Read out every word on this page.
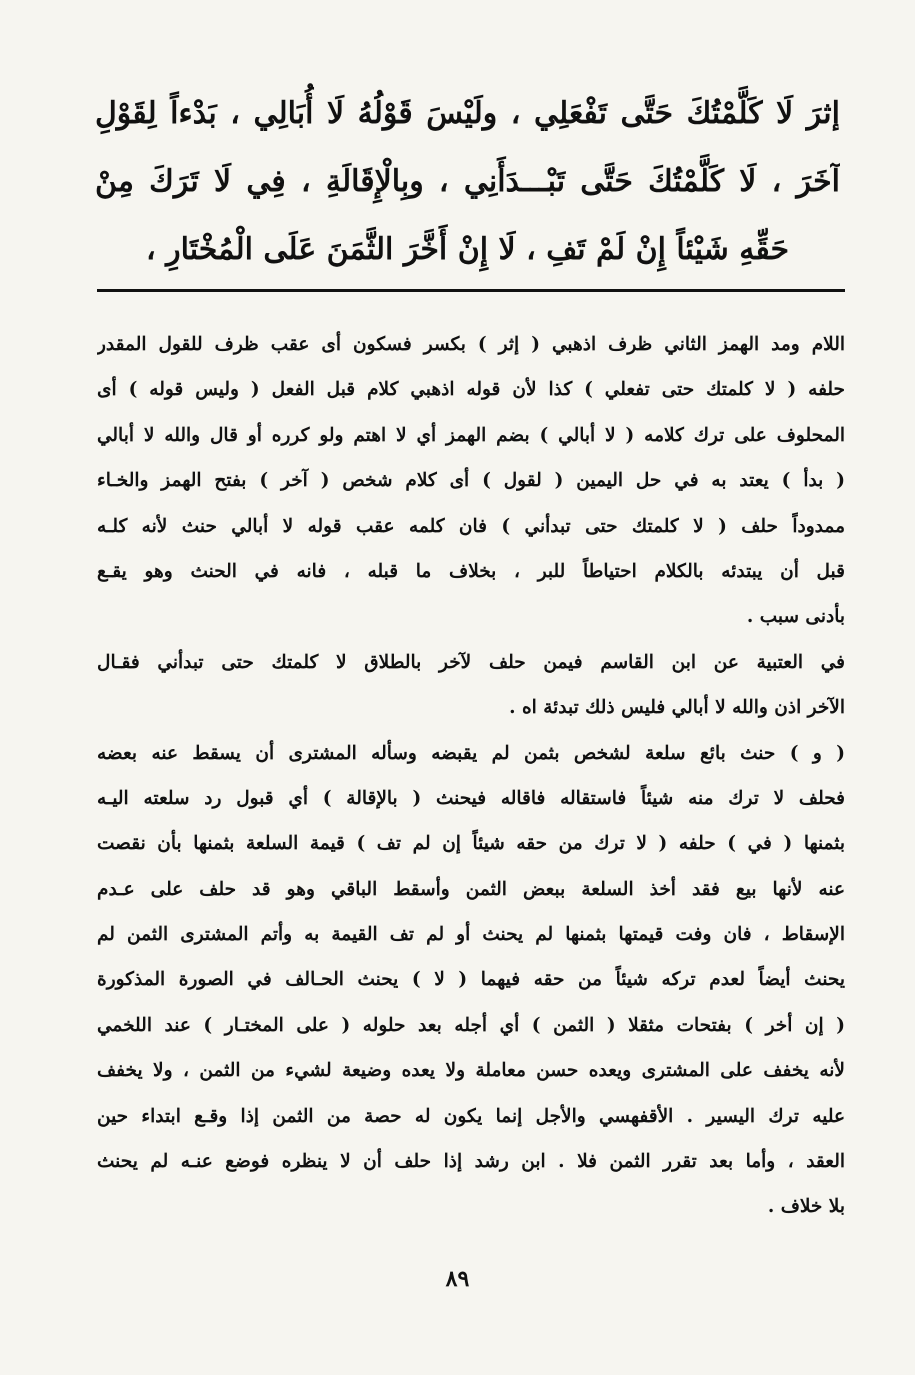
إثرَ لَا كَلَّمْتُكَ حَتَّى تَفْعَلِي ، ولَيْسَ قَوْلُهُ لَا أُبَالِي ، بَدْءاً لِقَوْلِ
آخَرَ ، لَا كَلَّمْتُكَ حَتَّى تَبْـــدَأَنِي ، وبِالْإِقَالَةِ ، فِي لَا تَرَكَ مِنْ
حَقِّهِ شَيْئاً إِنْ لَمْ تَفِ ، لَا إِنْ أَخَّرَ الثَّمَنَ عَلَى الْمُخْتَارِ ،
اللام ومد الهمز الثاني ظرف اذهبي ( إثر ) بكسر فسكون أى عقب ظرف للقول المقدر
حلفه ( لا كلمتك حتى تفعلي ) كذا لأن قوله اذهبي كلام قبل الفعل ( وليس قوله ) أى
المحلوف على ترك كلامه ( لا أبالي ) بضم الهمز أي لا اهتم ولو كرره أو قال والله لا أبالي
( بدأ ) يعتد به في حل اليمين ( لقول ) أى كلام شخص ( آخر ) بفتح الهمز والخـاء
ممدوداً حلف ( لا كلمتك حتى تبدأني ) فان كلمه عقب قوله لا أبالي حنث لأنه كلـه
قبل أن يبتدئه بالكلام احتياطاً للبر ، بخلاف ما قبله ، فانه في الحنث وهو يقـع
بأدنى سبب .
في العتبية عن ابن القاسم فيمن حلف لآخر بالطلاق لا كلمتك حتى تبدأني فقـال
الآخر اذن والله لا أبالي فليس ذلك تبدئة اه .
( و ) حنث بائع سلعة لشخص بثمن لم يقبضه وسأله المشترى أن يسقط عنه بعضه
فحلف لا ترك منه شيئاً فاستقاله فاقاله فيحنث ( بالإقالة ) أي قبول رد سلعته اليـه
بثمنها ( في ) حلفه ( لا ترك من حقه شيئاً إن لم تف ) قيمة السلعة بثمنها بأن نقصت
عنه لأنها بيع فقد أخذ السلعة ببعض الثمن وأسقط الباقي وهو قد حلف على عـدم
الإسقاط ، فان وفت قيمتها بثمنها لم يحنث أو لم تف القيمة به وأتم المشترى الثمن لم
يحنث أيضاً لعدم تركه شيئاً من حقه فيهما ( لا ) يحنث الحـالف في الصورة المذكورة
( إن أخر ) بفتحات مثقلا ( الثمن ) أي أجله بعد حلوله ( على المختـار ) عند اللخمي
لأنه يخفف على المشترى ويعده حسن معاملة ولا يعده وضيعة لشيء من الثمن ، ولا يخفف
عليه ترك اليسير . الأقفهسي والأجل إنما يكون له حصة من الثمن إذا وقـع ابتداء حين
العقد ، وأما بعد تقرر الثمن فلا . ابن رشد إذا حلف أن لا ينظره فوضع عنـه لم يحنث
بلا خلاف .
٨٩
